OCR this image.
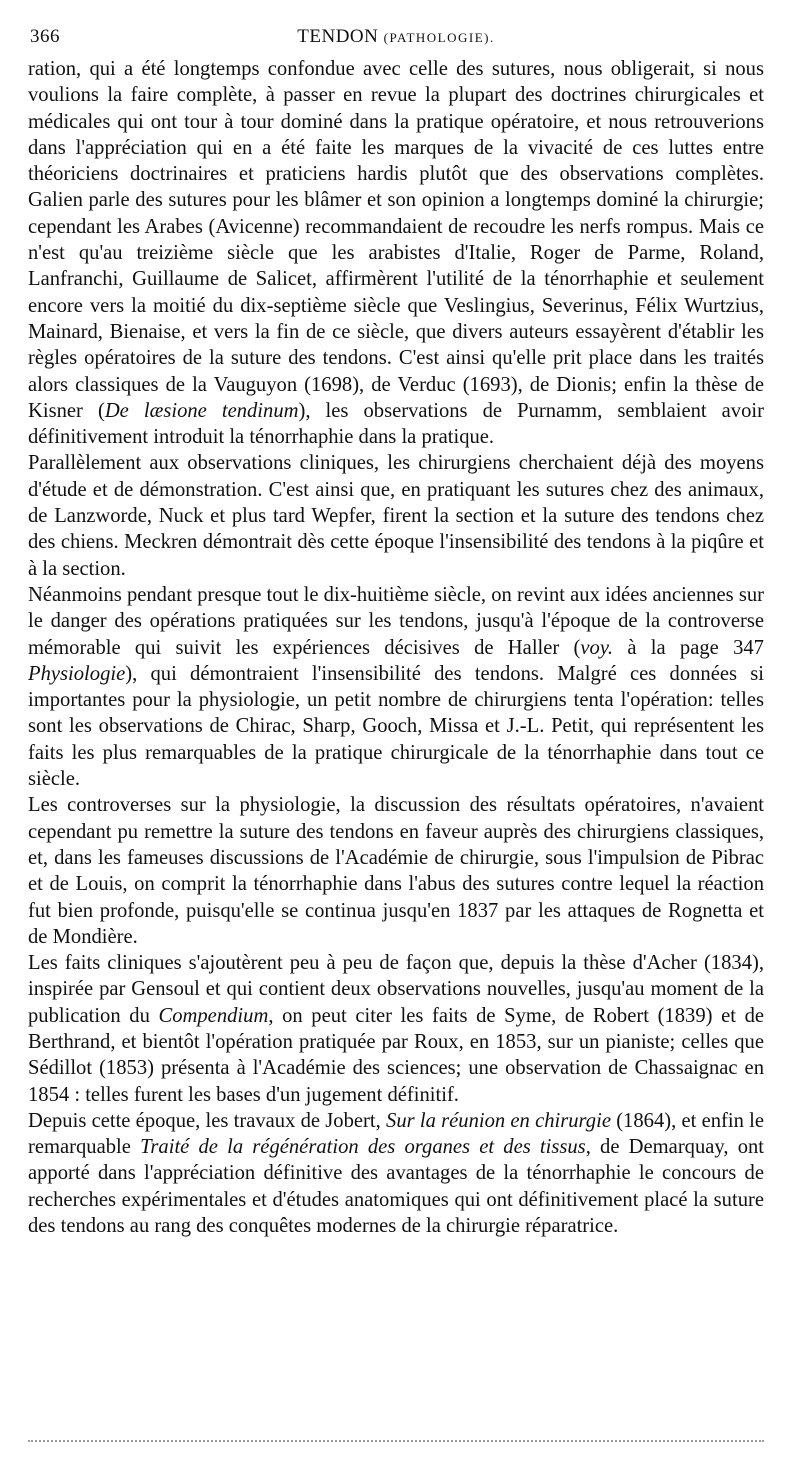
366	TENDON (PATHOLOGIE).

ration, qui a été longtemps confondue avec celle des sutures, nous obligerait, si nous voulions la faire complète, à passer en revue la plupart des doctrines chirurgicales et médicales qui ont tour à tour dominé dans la pratique opératoire, et nous retrouverions dans l'appréciation qui en a été faite les marques de la vivacité de ces luttes entre théoriciens doctrinaires et praticiens hardis plutôt que des observations complètes. Galien parle des sutures pour les blâmer et son opinion a longtemps dominé la chirurgie; cependant les Arabes (Avicenne) recommandaient de recoudre les nerfs rompus. Mais ce n'est qu'au treizième siècle que les arabistes d'Italie, Roger de Parme, Roland, Lanfranchi, Guillaume de Salicet, affirmèrent l'utilité de la ténorrhaphie et seulement encore vers la moitié du dix-septième siècle que Veslingius, Severinus, Félix Wurtzius, Mainard, Bienaise, et vers la fin de ce siècle, que divers auteurs essayèrent d'établir les règles opératoires de la suture des tendons. C'est ainsi qu'elle prit place dans les traités alors classiques de la Vauguyon (1698), de Verduc (1693), de Dionis; enfin la thèse de Kisner (De læsione tendinum), les observations de Purnamm, semblaient avoir définitivement introduit la ténorrhaphie dans la pratique.

Parallèlement aux observations cliniques, les chirurgiens cherchaient déjà des moyens d'étude et de démonstration. C'est ainsi que, en pratiquant les sutures chez des animaux, de Lanzworde, Nuck et plus tard Wepfer, firent la section et la suture des tendons chez des chiens. Meckren démontrait dès cette époque l'insensibilité des tendons à la piqûre et à la section.

Néanmoins pendant presque tout le dix-huitième siècle, on revint aux idées anciennes sur le danger des opérations pratiquées sur les tendons, jusqu'à l'époque de la controverse mémorable qui suivit les expériences décisives de Haller (voy. à la page 347 Physiologie), qui démontraient l'insensibilité des tendons. Malgré ces données si importantes pour la physiologie, un petit nombre de chirurgiens tenta l'opération: telles sont les observations de Chirac, Sharp, Gooch, Missa et J.-L. Petit, qui représentent les faits les plus remarquables de la pratique chirurgicale de la ténorrhaphie dans tout ce siècle.

Les controverses sur la physiologie, la discussion des résultats opératoires, n'avaient cependant pu remettre la suture des tendons en faveur auprès des chirurgiens classiques, et, dans les fameuses discussions de l'Académie de chirurgie, sous l'impulsion de Pibrac et de Louis, on comprit la ténorrhaphie dans l'abus des sutures contre lequel la réaction fut bien profonde, puisqu'elle se continua jusqu'en 1837 par les attaques de Rognetta et de Mondière.

Les faits cliniques s'ajoutèrent peu à peu de façon que, depuis la thèse d'Acher (1834), inspirée par Gensoul et qui contient deux observations nouvelles, jusqu'au moment de la publication du Compendium, on peut citer les faits de Syme, de Robert (1839) et de Berthrand, et bientôt l'opération pratiquée par Roux, en 1853, sur un pianiste; celles que Sédillot (1853) présenta à l'Académie des sciences; une observation de Chassaignac en 1854 : telles furent les bases d'un jugement définitif.

Depuis cette époque, les travaux de Jobert, Sur la réunion en chirurgie (1864), et enfin le remarquable Traité de la régénération des organes et des tissus, de Demarquay, ont apporté dans l'appréciation définitive des avantages de la ténorrhaphie le concours de recherches expérimentales et d'études anatomiques qui ont définitivement placé la suture des tendons au rang des conquêtes modernes de la chirurgie réparatrice.
